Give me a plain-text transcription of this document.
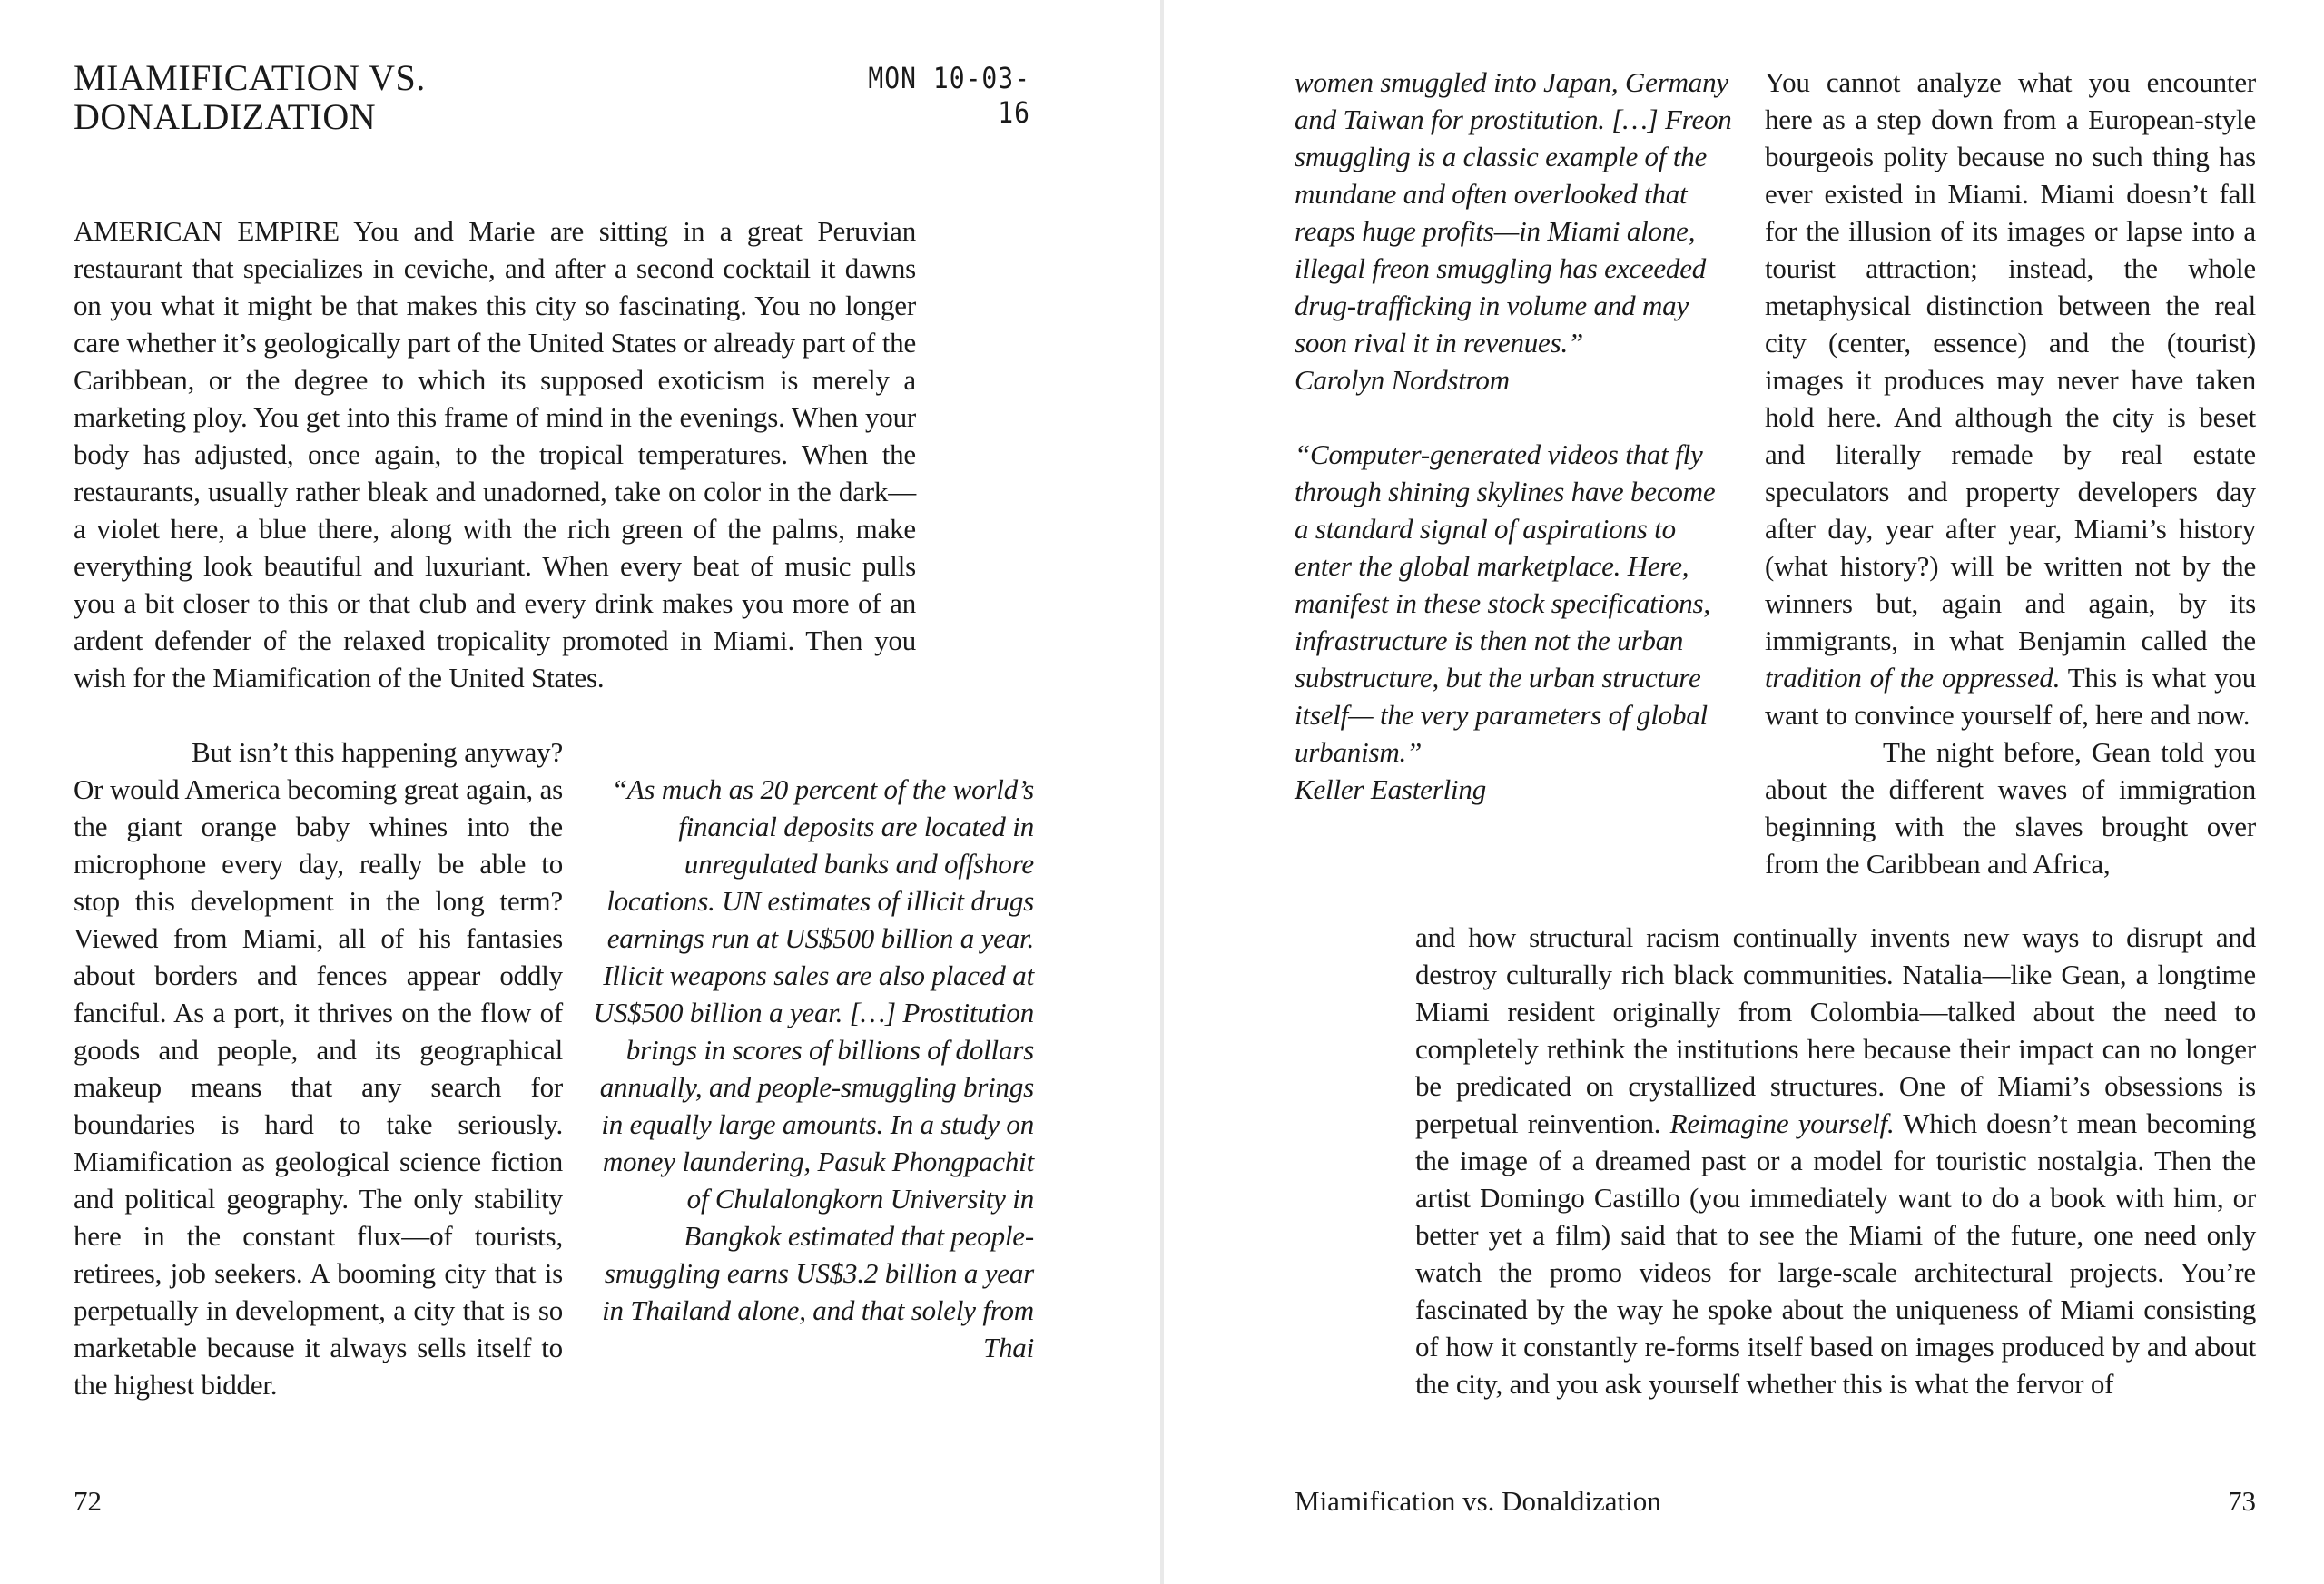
MIAMIFICATION VS.
DONALDIZATION
MON 10-03-16

AMERICAN EMPIRE You and Marie are sitting in a great Peruvian restaurant that specializes in ceviche, and after a second cocktail it dawns on you what it might be that makes this city so fascinating. You no longer care whether it’s geologically part of the United States or already part of the Caribbean, or the degree to which its supposed exoticism is merely a marketing ploy. You get into this frame of mind in the evenings. When your body has adjusted, once again, to the tropical temperatures. When the restaurants, usually rather bleak and unadorned, take on color in the dark—a violet here, a blue there, along with the rich green of the palms, make everything look beautiful and luxuriant. When every beat of music pulls you a bit closer to this or that club and every drink makes you more of an ardent defender of the relaxed tropicality promoted in Miami. Then you wish for the Miamification of the United States.

But isn’t this happening anyway? Or would America becoming great again, as the giant orange baby whines into the microphone every day, really be able to stop this development in the long term? Viewed from Miami, all of his fantasies about borders and fences appear oddly fanciful. As a port, it thrives on the flow of goods and people, and its geographical makeup means that any search for boundaries is hard to take seriously. Miamification as geological science fiction and political geography. The only stability here in the constant flux—of tourists, retirees, job seekers. A booming city that is perpetually in development, a city that is so marketable because it always sells itself to the highest bidder.

“As much as 20 percent of the world’s financial deposits are located in unregulated banks and offshore locations. UN estimates of illicit drugs earnings run at US$500 billion a year. Illicit weapons sales are also placed at US$500 billion a year. […] Prostitution brings in scores of billions of dollars annually, and people-smuggling brings in equally large amounts. In a study on money laundering, Pasuk Phongpachit of Chulalongkorn University in Bangkok estimated that people-smuggling earns US$3.2 billion a year in Thailand alone, and that solely from Thai

72

women smuggled into Japan, Germany and Taiwan for prostitution. […] Freon smuggling is a classic example of the mundane and often overlooked that reaps huge profits—in Miami alone, illegal freon smuggling has exceeded drug-trafficking in volume and may soon rival it in revenues.”

Carolyn Nordstrom

“Computer-generated videos that fly through shining skylines have become a standard signal of aspirations to enter the global marketplace. Here, manifest in these stock specifications, infrastructure is then not the urban substructure, but the urban structure itself— the very parameters of global urbanism.”

Keller Easterling

You cannot analyze what you encounter here as a step down from a European-style bourgeois polity because no such thing has ever existed in Miami. Miami doesn’t fall for the illusion of its images or lapse into a tourist attraction; instead, the whole metaphysical distinction between the real city (center, essence) and the (tourist) images it produces may never have taken hold here. And although the city is beset and literally remade by real estate speculators and property developers day after day, year after year, Miami’s history (what history?) will be written not by the winners but, again and again, by its immigrants, in what Benjamin called the tradition of the oppressed. This is what you want to convince yourself of, here and now.

The night before, Gean told you about the different waves of immigration beginning with the slaves brought over from the Caribbean and Africa,

and how structural racism continually invents new ways to disrupt and destroy culturally rich black communities. Natalia—like Gean, a longtime Miami resident originally from Colombia—talked about the need to completely rethink the institutions here because their impact can no longer be predicated on crystallized structures. One of Miami’s obsessions is perpetual reinvention. Reimagine yourself. Which doesn’t mean becoming the image of a dreamed past or a model for touristic nostalgia. Then the artist Domingo Castillo (you immediately want to do a book with him, or better yet a film) said that to see the Miami of the future, one need only watch the promo videos for large-scale architectural projects. You’re fascinated by the way he spoke about the uniqueness of Miami consisting of how it constantly re-forms itself based on images produced by and about the city, and you ask yourself whether this is what the fervor of

Miamification vs. Donaldization	73
